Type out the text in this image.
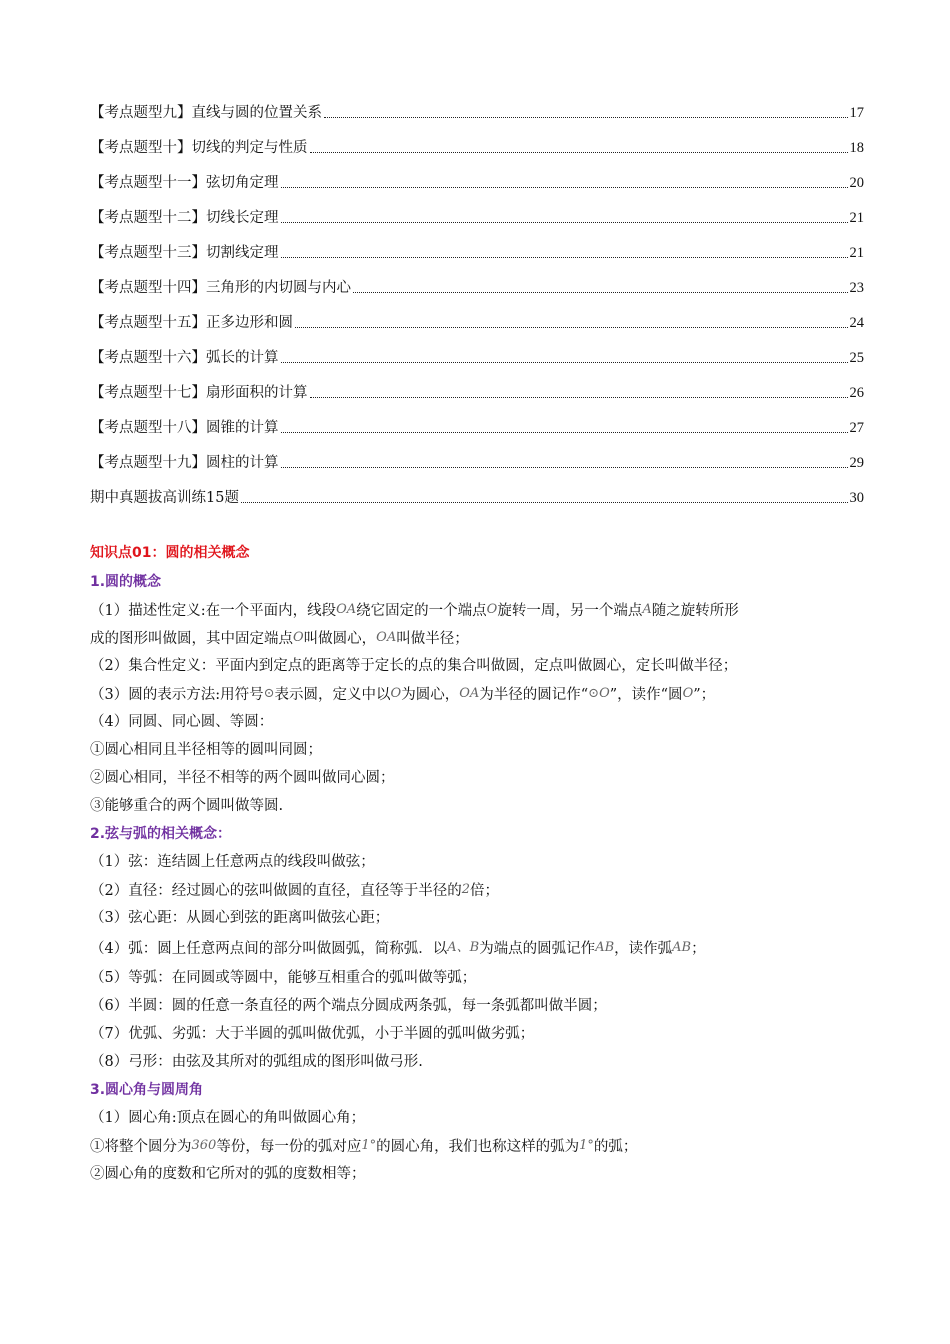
【考点题型九】直线与圆的位置关系	17
【考点题型十】切线的判定与性质	18
【考点题型十一】弦切角定理	20
【考点题型十二】切线长定理	21
【考点题型十三】切割线定理	21
【考点题型十四】三角形的内切圆与内心	23
【考点题型十五】正多边形和圆	24
【考点题型十六】弧长的计算	25
【考点题型十七】扇形面积的计算	26
【考点题型十八】圆锥的计算	27
【考点题型十九】圆柱的计算	29
期中真题拔高训练15题	30
知识点01：圆的相关概念
1.圆的概念
（1）描述性定义:在一个平面内，线段OA绕它固定的一个端点O旋转一周，另一个端点A随之旋转所形
成的图形叫做圆，其中固定端点O叫做圆心，OA叫做半径；
（2）集合性定义：平面内到定点的距离等于定长的点的集合叫做圆，定点叫做圆心，定长叫做半径；
（3）圆的表示方法:用符号⊙表示圆，定义中以O为圆心，OA为半径的圆记作“⊙O”，读作“圆O”；
（4）同圆、同心圆、等圆：
①圆心相同且半径相等的圆叫同圆；
②圆心相同，半径不相等的两个圆叫做同心圆；
③能够重合的两个圆叫做等圆.
2.弦与弧的相关概念：
（1）弦：连结圆上任意两点的线段叫做弦；
（2）直径：经过圆心的弦叫做圆的直径，直径等于半径的2倍；
（3）弦心距：从圆心到弦的距离叫做弦心距；
（4）弧：圆上任意两点间的部分叫做圆弧，简称弧．以A、B为端点的圆弧记作AB，读作弧AB；
（5）等弧：在同圆或等圆中，能够互相重合的弧叫做等弧；
（6）半圆：圆的任意一条直径的两个端点分圆成两条弧，每一条弧都叫做半圆；
（7）优弧、劣弧：大于半圆的弧叫做优弧，小于半圆的弧叫做劣弧；
（8）弓形：由弦及其所对的弧组成的图形叫做弓形.
3.圆心角与圆周角
（1）圆心角:顶点在圆心的角叫做圆心角；
①将整个圆分为360等份，每一份的弧对应1°的圆心角，我们也称这样的弧为1°的弧；
②圆心角的度数和它所对的弧的度数相等；
